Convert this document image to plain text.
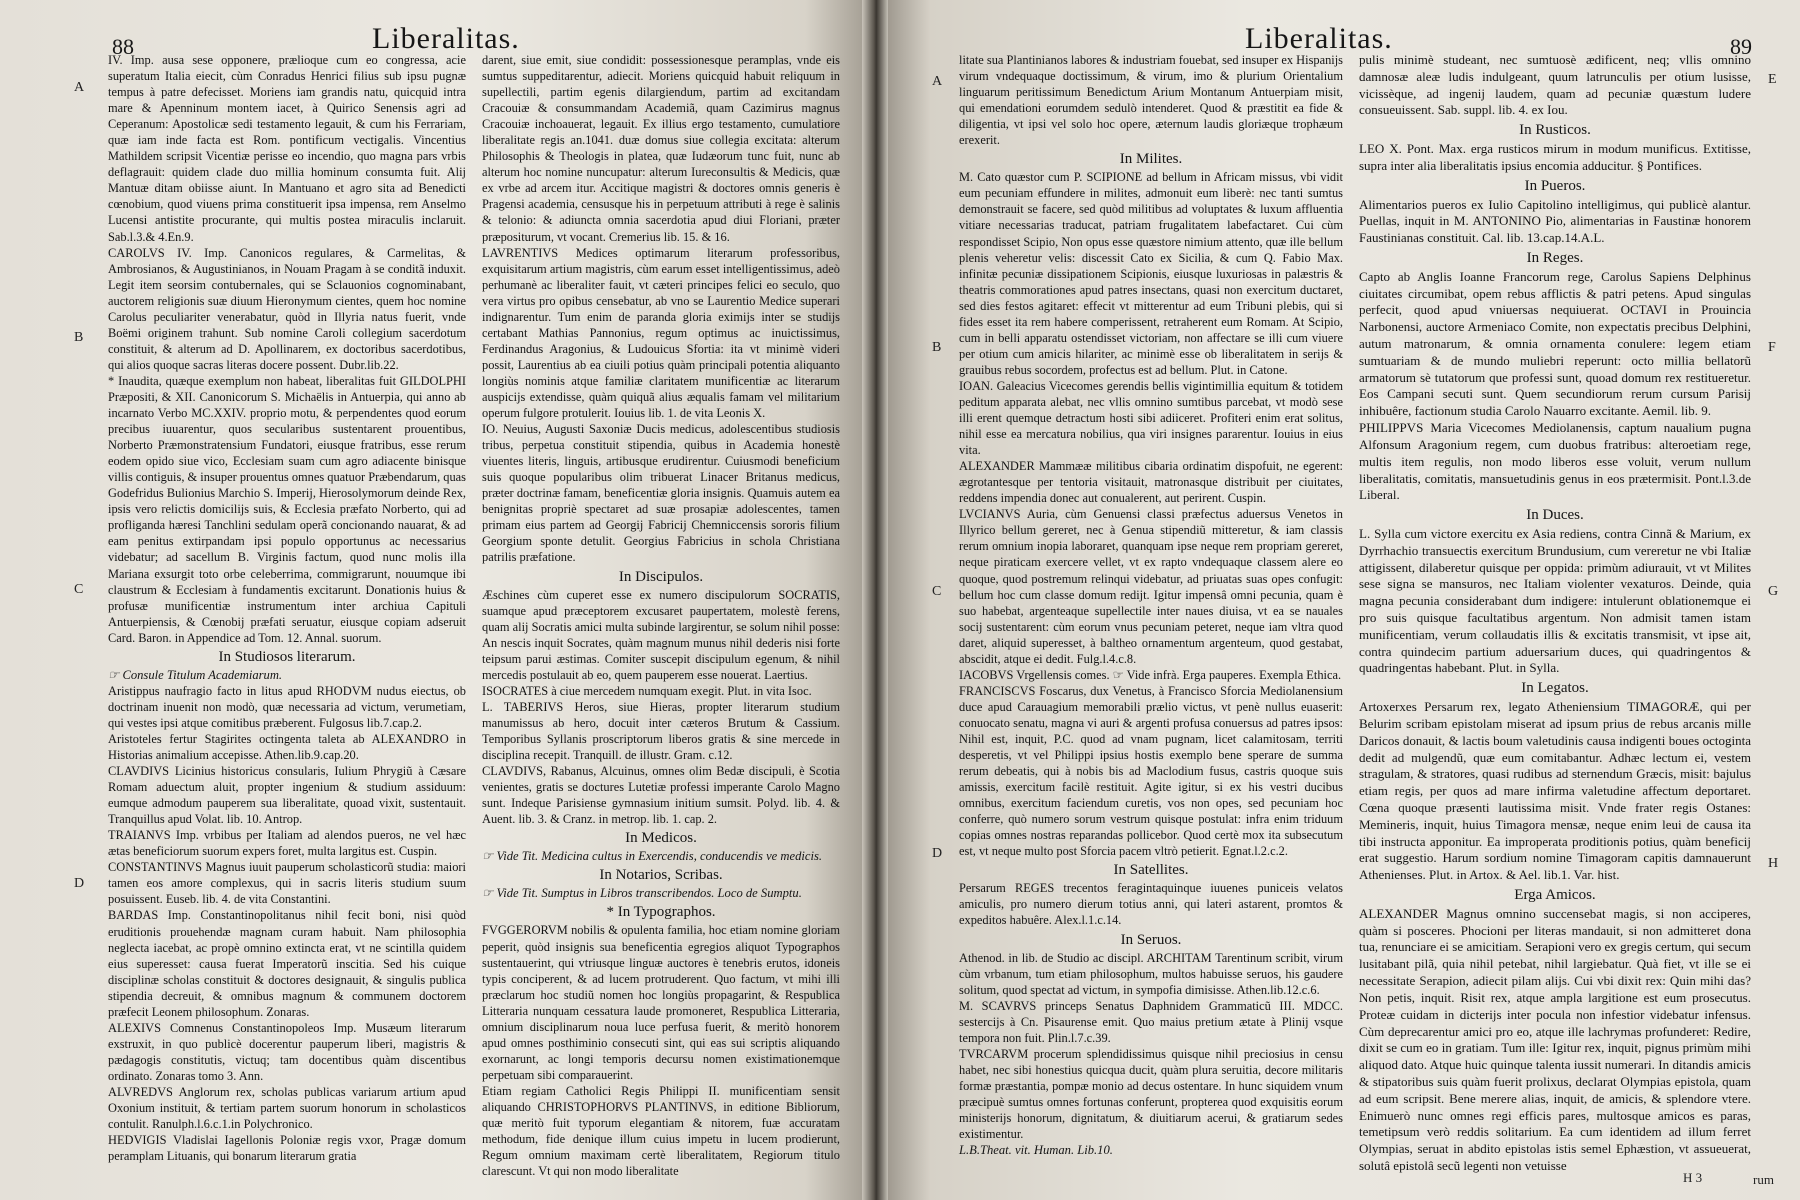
88	Liberalitas.
A
B
C
D

IV. Imp. ausa sese opponere, prælioque cum eo congressa, acie superatum Italia eiecit, cùm Conradus Henrici filius sub ipsu pugnæ tempus à patre defecisset. Moriens iam grandis natu, quicquid intra mare & Apenninum montem iacet, à Quirico Senensis agri ad Ceperanum: Apostolicæ sedi testamento legauit, & cum his Ferrariam, quæ iam inde facta est Rom. pontificum vectigalis. Vincentius Mathildem scripsit Vicentiæ perisse eo incendio, quo magna pars vrbis deflagrauit: quidem clade duo millia hominum consumta fuit. Alij Mantuæ ditam obiisse aiunt. In Mantuano et agro sita ad Benedicti cœnobium, quod viuens prima constituerit ipsa impensa, rem Anselmo Lucensi antistite procurante, qui multis postea miraculis inclaruit. Sab.l.3.& 4.En.9.

CAROLVS IV. Imp. Canonicos regulares, & Carmelitas, & Ambrosianos, & Augustinianos, in Nouam Pragam à se conditã induxit. Legit item seorsim contubernales, qui se Sclauonios cognominabant, auctorem religionis suæ diuum Hieronymum cientes, quem hoc nomine Carolus peculiariter venerabatur, quòd in Illyria natus fuerit, vnde Boëmi originem trahunt. Sub nomine Caroli collegium sacerdotum constituit, & alterum ad D. Apollinarem, ex doctoribus sacerdotibus, qui alios quoque sacras literas docere possent. Dubr.lib.22.

* Inaudita, quæque exemplum non habeat, liberalitas fuit GILDOLPHI Præpositi, & XII. Canonicorum S. Michaëlis in Antuerpia, qui anno ab incarnato Verbo MC.XXIV. proprio motu, & perpendentes quod eorum precibus iuuarentur, quos secularibus sustentarent prouentibus, Norberto Præmonstratensium Fundatori, eiusque fratribus, esse rerum eodem opido siue vico, Ecclesiam suam cum agro adiacente binisque villis contiguis, & insuper prouentus omnes quatuor Præbendarum, quas Godefridus Bulionius Marchio S. Imperij, Hierosolymorum deinde Rex, ipsis vero relictis domicilijs suis, & Ecclesia præfato Norberto, qui ad profliganda hæresi Tanchlini sedulam operã concionando nauarat, & ad eam penitus extirpandam ipsi populo opportunus ac necessarius videbatur; ad sacellum B. Virginis factum, quod nunc molis illa Mariana exsurgit toto orbe celeberrima, commigrarunt, nouumque ibi claustrum & Ecclesiam à fundamentis excitarunt. Donationis huius & profusæ munificentiæ instrumentum inter archiua Capituli Antuerpiensis, & Cœnobij præfati seruatur, eiusque copiam adseruit Card. Baron. in Appendice ad Tom. 12. Annal. suorum.

In Studiosos literarum.

☞ Consule Titulum Academiarum.

Aristippus naufragio facto in litus apud RHODVM nudus eiectus, ob doctrinam inuenit non modò, quæ necessaria ad victum, verumetiam, qui vestes ipsi atque comitibus præberent. Fulgosus lib.7.cap.2.

Aristoteles fertur Stagirites octingenta taleta ab ALEXANDRO in Historias animalium accepisse. Athen.lib.9.cap.20.

CLAVDIVS Licinius historicus consularis, Iulium Phrygiũ à Cæsare Romam aduectum aluit, propter ingenium & studium assiduum: eumque admodum pauperem sua liberalitate, quoad vixit, sustentauit. Tranquillus apud Volat. lib. 10. Antrop.

TRAIANVS Imp. vrbibus per Italiam ad alendos pueros, ne vel hæc ætas beneficiorum suorum expers foret, multa largitus est. Cuspin.

CONSTANTINVS Magnus iuuit pauperum scholasticorũ studia: maiori tamen eos amore complexus, qui in sacris literis studium suum posuissent. Euseb. lib. 4. de vita Constantini.

BARDAS Imp. Constantinopolitanus nihil fecit boni, nisi quòd eruditionis prouehendæ magnam curam habuit. Nam philosophia neglecta iacebat, ac propè omnino extincta erat, vt ne scintilla quidem eius superesset: causa fuerat Imperatorũ inscitia. Sed his cuique disciplinæ scholas constituit & doctores designauit, & singulis publica stipendia decreuit, & omnibus magnum & communem doctorem præfecit Leonem philosophum. Zonaras.

ALEXIVS Comnenus Constantinopoleos Imp. Musæum literarum exstruxit, in quo publicè docerentur pauperum liberi, magistris & pædagogis constitutis, victuq; tam docentibus quàm discentibus ordinato. Zonaras tomo 3. Ann.

ALVREDVS Anglorum rex, scholas publicas variarum artium apud Oxonium instituit, & tertiam partem suorum honorum in scholasticos contulit. Ranulph.l.6.c.1.in Polychronico.

HEDVIGIS Vladislai Iagellonis Poloniæ regis vxor, Pragæ domum peramplam Lituanis, qui bonarum literarum gratia

darent, siue emit, siue condidit: possessionesque peramplas, vnde eis sumtus suppeditarentur, adiecit. Moriens quicquid habuit reliquum in supellectili, partim egenis dilargiendum, partim ad excitandam Cracouiæ & consummandam Academiã, quam Cazimirus magnus Cracouiæ inchoauerat, legauit. Ex illius ergo testamento, cumulatiore liberalitate regis an.1041. duæ domus siue collegia excitata: alterum Philosophis & Theologis in platea, quæ Iudæorum tunc fuit, nunc ab alterum hoc nomine nuncupatur: alterum Iureconsultis & Medicis, quæ ex vrbe ad arcem itur. Accitique magistri & doctores omnis generis è Pragensi academia, censusque his in perpetuum attributi à rege è salinis & telonio: & adiuncta omnia sacerdotia apud diui Floriani, præter præpositurum, vt vocant. Cremerius lib. 15. & 16.

LAVRENTIVS Medices optimarum literarum professoribus, exquisitarum artium magistris, cùm earum esset intelligentissimus, adeò perhumanè ac liberaliter fauit, vt cæteri principes felici eo seculo, quo vera virtus pro opibus censebatur, ab vno se Laurentio Medice superari indignarentur. Tum enim de paranda gloria eximijs inter se studijs certabant Mathias Pannonius, regum optimus ac inuictissimus, Ferdinandus Aragonius, & Ludouicus Sfortia: ita vt minimè videri possit, Laurentius ab ea ciuili potius quàm principali potentia aliquanto longiùs nominis atque familiæ claritatem munificentiæ ac literarum auspicijs extendisse, quàm quiquã alius æqualis famam vel militarium operum fulgore protulerit. Iouius lib. 1. de vita Leonis X.

IO. Neuius, Augusti Saxoniæ Ducis medicus, adolescentibus studiosis tribus, perpetua constituit stipendia, quibus in Academia honestè viuentes literis, linguis, artibusque erudirentur. Cuiusmodi beneficium suis quoque popularibus olim tribuerat Linacer Britanus medicus, præter doctrinæ famam, beneficentiæ gloria insignis. Quamuis autem ea benignitas propriè spectaret ad suæ prosapiæ adolescentes, tamen primam eius partem ad Georgij Fabricij Chemniccensis sororis filium Georgium sponte detulit. Georgius Fabricius in schola Christiana patrilis præfatione.

In Discipulos.

Æschines cùm cuperet esse ex numero discipulorum SOCRATIS, suamque apud præceptorem excusaret paupertatem, molestè ferens, quam alij Socratis amici multa subinde largirentur, se solum nihil posse: An nescis inquit Socrates, quàm magnum munus nihil dederis nisi forte teipsum parui æstimas. Comiter suscepit discipulum egenum, & nihil mercedis postulauit ab eo, quem pauperem esse nouerat. Laertius.

ISOCRATES à ciue mercedem numquam exegit. Plut. in vita Isoc.

L. TABERIVS Heros, siue Hieras, propter literarum studium manumissus ab hero, docuit inter cæteros Brutum & Cassium. Temporibus Syllanis proscriptorum liberos gratis & sine mercede in disciplina recepit. Tranquill. de illustr. Gram. c.12.

CLAVDIVS, Rabanus, Alcuinus, omnes olim Bedæ discipuli, è Scotia venientes, gratis se doctures Lutetiæ professi imperante Carolo Magno sunt. Indeque Parisiense gymnasium initium sumsit. Polyd. lib. 4. & Auent. lib. 3. & Cranz. in metrop. lib. 1. cap. 2.

In Medicos.

☞ Vide Tit. Medicina cultus in Exercendis, conducendis ve medicis.

In Notarios, Scribas.

☞ Vide Tit. Sumptus in Libros transcribendos. Loco de Sumptu.

* In Typographos.

FVGGERORVM nobilis & opulenta familia, hoc etiam nomine gloriam peperit, quòd insignis sua beneficentia egregios aliquot Typographos sustentauerint, qui vtriusque linguæ auctores è tenebris erutos, idoneis typis conciperent, & ad lucem protruderent. Quo factum, vt mihi illi præclarum hoc studiũ nomen hoc longiùs propagarint, & Respublica Litteraria nunquam cessatura laude promoneret, Respublica Litteraria, omnium disciplinarum noua luce perfusa fuerit, & meritò honorem apud omnes posthiminio consecuti sint, qui eas sui scriptis aliquando exornarunt, ac longi temporis decursu nomen existimationemque perpetuam sibi comparauerint.

Etiam regiam Catholici Regis Philippi II. munificentiam sensit aliquando CHRISTOPHORVS PLANTINVS, in editione Bibliorum, quæ meritò fuit typorum elegantiam & nitorem, fuæ accuratam methodum, fide denique illum cuius impetu in lucem prodierunt, Regum omnium maximam certè liberalitatem, Regiorum titulo clarescunt. Vt qui non modo liberalitate

Liberalitas.	89
A
B
C
D
E
F
G
H

litate sua Plantinianos labores & industriam fouebat, sed insuper ex Hispanijs virum vndequaque doctissimum, & virum, imo & plurium Orientalium linguarum peritissimum Benedictum Arium Montanum Antuerpiam misit, qui emendationi eorumdem sedulò intenderet. Quod & præstitit ea fide & diligentia, vt ipsi vel solo hoc opere, æternum laudis gloriæque trophæum erexerit.

In Milites.

M. Cato quæstor cum P. SCIPIONE ad bellum in Africam missus, vbi vidit eum pecuniam effundere in milites, admonuit eum liberè: nec tanti sumtus demonstrauit se facere, sed quòd militibus ad voluptates & luxum affluentia vitiare necessarias traducat, patriam frugalitatem labefactaret. Cui cùm respondisset Scipio, Non opus esse quæstore nimium attento, quæ ille bellum plenis veheretur velis: discessit Cato ex Sicilia, & cum Q. Fabio Max. infinitæ pecuniæ dissipationem Scipionis, eiusque luxuriosas in palæstris & theatris commorationes apud patres insectans, quasi non exercitum ductaret, sed dies festos agitaret: effecit vt mitterentur ad eum Tribuni plebis, qui si fides esset ita rem habere comperissent, retraherent eum Romam. At Scipio, cum in belli apparatu ostendisset victoriam, non affectare se illi cum viuere per otium cum amicis hilariter, ac minimè esse ob liberalitatem in serijs & grauibus rebus socordem, profectus est ad bellum. Plut. in Catone.

IOAN. Galeacius Vicecomes gerendis bellis vigintimillia equitum & totidem peditum apparata alebat, nec vllis omnino sumtibus parcebat, vt modò sese illi erent quemque detractum hosti sibi adiiceret. Profiteri enim erat solitus, nihil esse ea mercatura nobilius, qua viri insignes pararentur. Iouius in eius vita.

ALEXANDER Mammææ militibus cibaria ordinatim dispofuit, ne egerent: ægrotantesque per tentoria visitauit, matronasque distribuit per ciuitates, reddens impendia donec aut conualerent, aut perirent. Cuspin.

LVCIANVS Auria, cùm Genuensi classi præfectus aduersus Venetos in Illyrico bellum gereret, nec à Genua stipendiũ mitteretur, & iam classis rerum omnium inopia laboraret, quanquam ipse neque rem propriam gereret, neque piraticam exercere vellet, vt ex rapto vndequaque classem alere eo quoque, quod postremum relinqui videbatur, ad priuatas suas opes confugit: bellum hoc cum classe domum redijt. Igitur impensâ omni pecunia, quam è suo habebat, argenteaque supellectile inter naues diuisa, vt ea se nauales socij sustentarent: cùm eorum vnus pecuniam peteret, neque iam vltra quod daret, aliquid superesset, à baltheo ornamentum argenteum, quod gestabat, abscidit, atque ei dedit. Fulg.l.4.c.8.

IACOBVS Vrgellensis comes. ☞ Vide infrà. Erga pauperes. Exempla Ethica.

FRANCISCVS Foscarus, dux Venetus, à Francisco Sforcia Mediolanensium duce apud Carauagium memorabili prælio victus, vt penè nullus euaserit: conuocato senatu, magna vi auri & argenti profusa conuersus ad patres ipsos: Nihil est, inquit, P.C. quod ad vnam pugnam, licet calamitosam, territi desperetis, vt vel Philippi ipsius hostis exemplo bene sperare de summa rerum debeatis, qui à nobis bis ad Maclodium fusus, castris quoque suis amissis, exercitum facilè restituit. Agite igitur, si ex his vestri ducibus omnibus, exercitum faciendum curetis, vos non opes, sed pecuniam hoc conferre, quò numero sorum vestrum quisque postulat: infra enim triduum copias omnes nostras reparandas pollicebor. Quod certè mox ita subsecutum est, vt neque multo post Sforcia pacem vltrò petierit. Egnat.l.2.c.2.

In Satellites.

Persarum REGES trecentos feragintaquinque iuuenes puniceis velatos amiculis, pro numero dierum totius anni, qui lateri astarent, promtos & expeditos habuêre. Alex.l.1.c.14.

In Seruos.

Athenod. in lib. de Studio ac discipl. ARCHITAM Tarentinum scribit, virum cùm vrbanum, tum etiam philosophum, multos habuisse seruos, his gaudere solitum, quod spectat ad victum, in sympofia dimisisse. Athen.lib.12.c.6.

M. SCAVRVS princeps Senatus Daphnidem Grammaticũ III. MDCC. sestercijs à Cn. Pisaurense emit. Quo maius pretium ætate à Plinij vsque tempora non fuit. Plin.l.7.c.39.

TVRCARVM procerum splendidissimus quisque nihil preciosius in censu habet, nec sibi honestius quicqua ducit, quàm plura seruitia, decore militaris formæ præstantia, pompæ monio ad decus ostentare. In hunc siquidem vnum præcipuè sumtus omnes fortunas conferunt, propterea quod exquisitis eorum ministerijs honorum, dignitatum, & diuitiarum acerui, & gratiarum sedes existimentur.

L.B.Theat. vit. Human. Lib.10.

pulis minimè studeant, nec sumtuosè ædificent, neq; vllis omnino damnosæ aleæ ludis indulgeant, quum latrunculis per otium lusisse, vicissèque, ad ingenij laudem, quam ad pecuniæ quæstum ludere consueuissent. Sab. suppl. lib. 4. ex Iou.

In Rusticos.

LEO X. Pont. Max. erga rusticos mirum in modum munificus. Extitisse, supra inter alia liberalitatis ipsius encomia adducitur. § Pontifices.

In Pueros.

Alimentarios pueros ex Iulio Capitolino intelligimus, qui publicè alantur. Puellas, inquit in M. ANTONINO Pio, alimentarias in Faustinæ honorem Faustinianas constituit. Cal. lib. 13.cap.14.A.L.

In Reges.

Capto ab Anglis Ioanne Francorum rege, Carolus Sapiens Delphinus ciuitates circumibat, opem rebus afflictis & patri petens. Apud singulas perfecit, quod apud vniuersas nequiuerat. OCTAVI in Prouincia Narbonensi, auctore Armeniaco Comite, non expectatis precibus Delphini, autum matronarum, & omnia ornamenta conulere: legem etiam sumtuariam & de mundo muliebri reperunt: octo millia bellatorũ armatorum sè tutatorum que professi sunt, quoad domum rex restitueretur. Eos Campani secuti sunt. Quem secundiorum rerum cursum Parisij inhibuêre, factionum studia Carolo Nauarro excitante. Aemil. lib. 9.

PHILIPPVS Maria Vicecomes Mediolanensis, captum naualium pugna Alfonsum Aragonium regem, cum duobus fratribus: alteroetiam rege, multis item regulis, non modo liberos esse voluit, verum nullum liberalitatis, comitatis, mansuetudinis genus in eos prætermisit. Pont.l.3.de Liberal.

In Duces.

L. Sylla cum victore exercitu ex Asia rediens, contra Cinnã & Marium, ex Dyrrhachio transuectis exercitum Brundusium, cum vereretur ne vbi Italiæ attigissent, dilaberetur quisque per oppida: primùm adiurauit, vt vt Milites sese signa se mansuros, nec Italiam violenter vexaturos. Deinde, quia magna pecunia considerabant dum indigere: intulerunt oblationemque ei pro suis quisque facultatibus argentum. Non admisit tamen istam munificentiam, verum collaudatis illis & excitatis transmisit, vt ipse ait, contra quindecim partium aduersarium duces, qui quadringentos & quadringentas habebant. Plut. in Sylla.

In Legatos.

Artoxerxes Persarum rex, legato Atheniensium TIMAGORÆ, qui per Belurim scribam epistolam miserat ad ipsum prius de rebus arcanis mille Daricos donauit, & lactis boum valetudinis causa indigenti boues octoginta dedit ad mulgendũ, quæ eum comitabantur. Adhæc lectum ei, vestem stragulam, & stratores, quasi rudibus ad sternendum Græcis, misit: bajulus etiam regis, per quos ad mare infirma valetudine affectum deportaret. Cœna quoque præsenti lautissima misit. Vnde frater regis Ostanes: Memineris, inquit, huius Timagora mensæ, neque enim leui de causa ita tibi instructa apponitur. Ea improperata proditionis potius, quàm beneficij erat suggestio. Harum sordium nomine Timagoram capitis damnauerunt Athenienses. Plut. in Artox. & Ael. lib.1. Var. hist.

Erga Amicos.

ALEXANDER Magnus omnino succensebat magis, si non acciperes, quàm si posceres. Phocioni per literas mandauit, si non admitteret dona tua, renunciare ei se amicitiam. Serapioni vero ex gregis certum, qui secum lusitabant pilã, quia nihil petebat, nihil largiebatur. Quà fiet, vt ille se ei necessitate Serapion, adiecit pilam alijs. Cui vbi dixit rex: Quin mihi das? Non petis, inquit. Risit rex, atque ampla largitione est eum prosecutus. Proteæ cuidam in dicterijs inter pocula non infestior videbatur infensus. Cùm deprecarentur amici pro eo, atque ille lachrymas profunderet: Redire, dixit se cum eo in gratiam. Tum ille: Igitur rex, inquit, pignus primùm mihi aliquod dato. Atque huic quinque talenta iussit numerari. In ditandis amicis & stipatoribus suis quàm fuerit prolixus, declarat Olympias epistola, quam ad eum scripsit. Bene merere alias, inquit, de amicis, & splendore vtere. Enimuerò nunc omnes regi efficis pares, multosque amicos es paras, temetipsum verò reddis solitarium. Ea cum identidem ad illum ferret Olympias, seruat in abdito epistolas istis semel Ephæstion, vt assueuerat, solutâ epistolâ secũ legenti non vetuisse

H 3	rum
